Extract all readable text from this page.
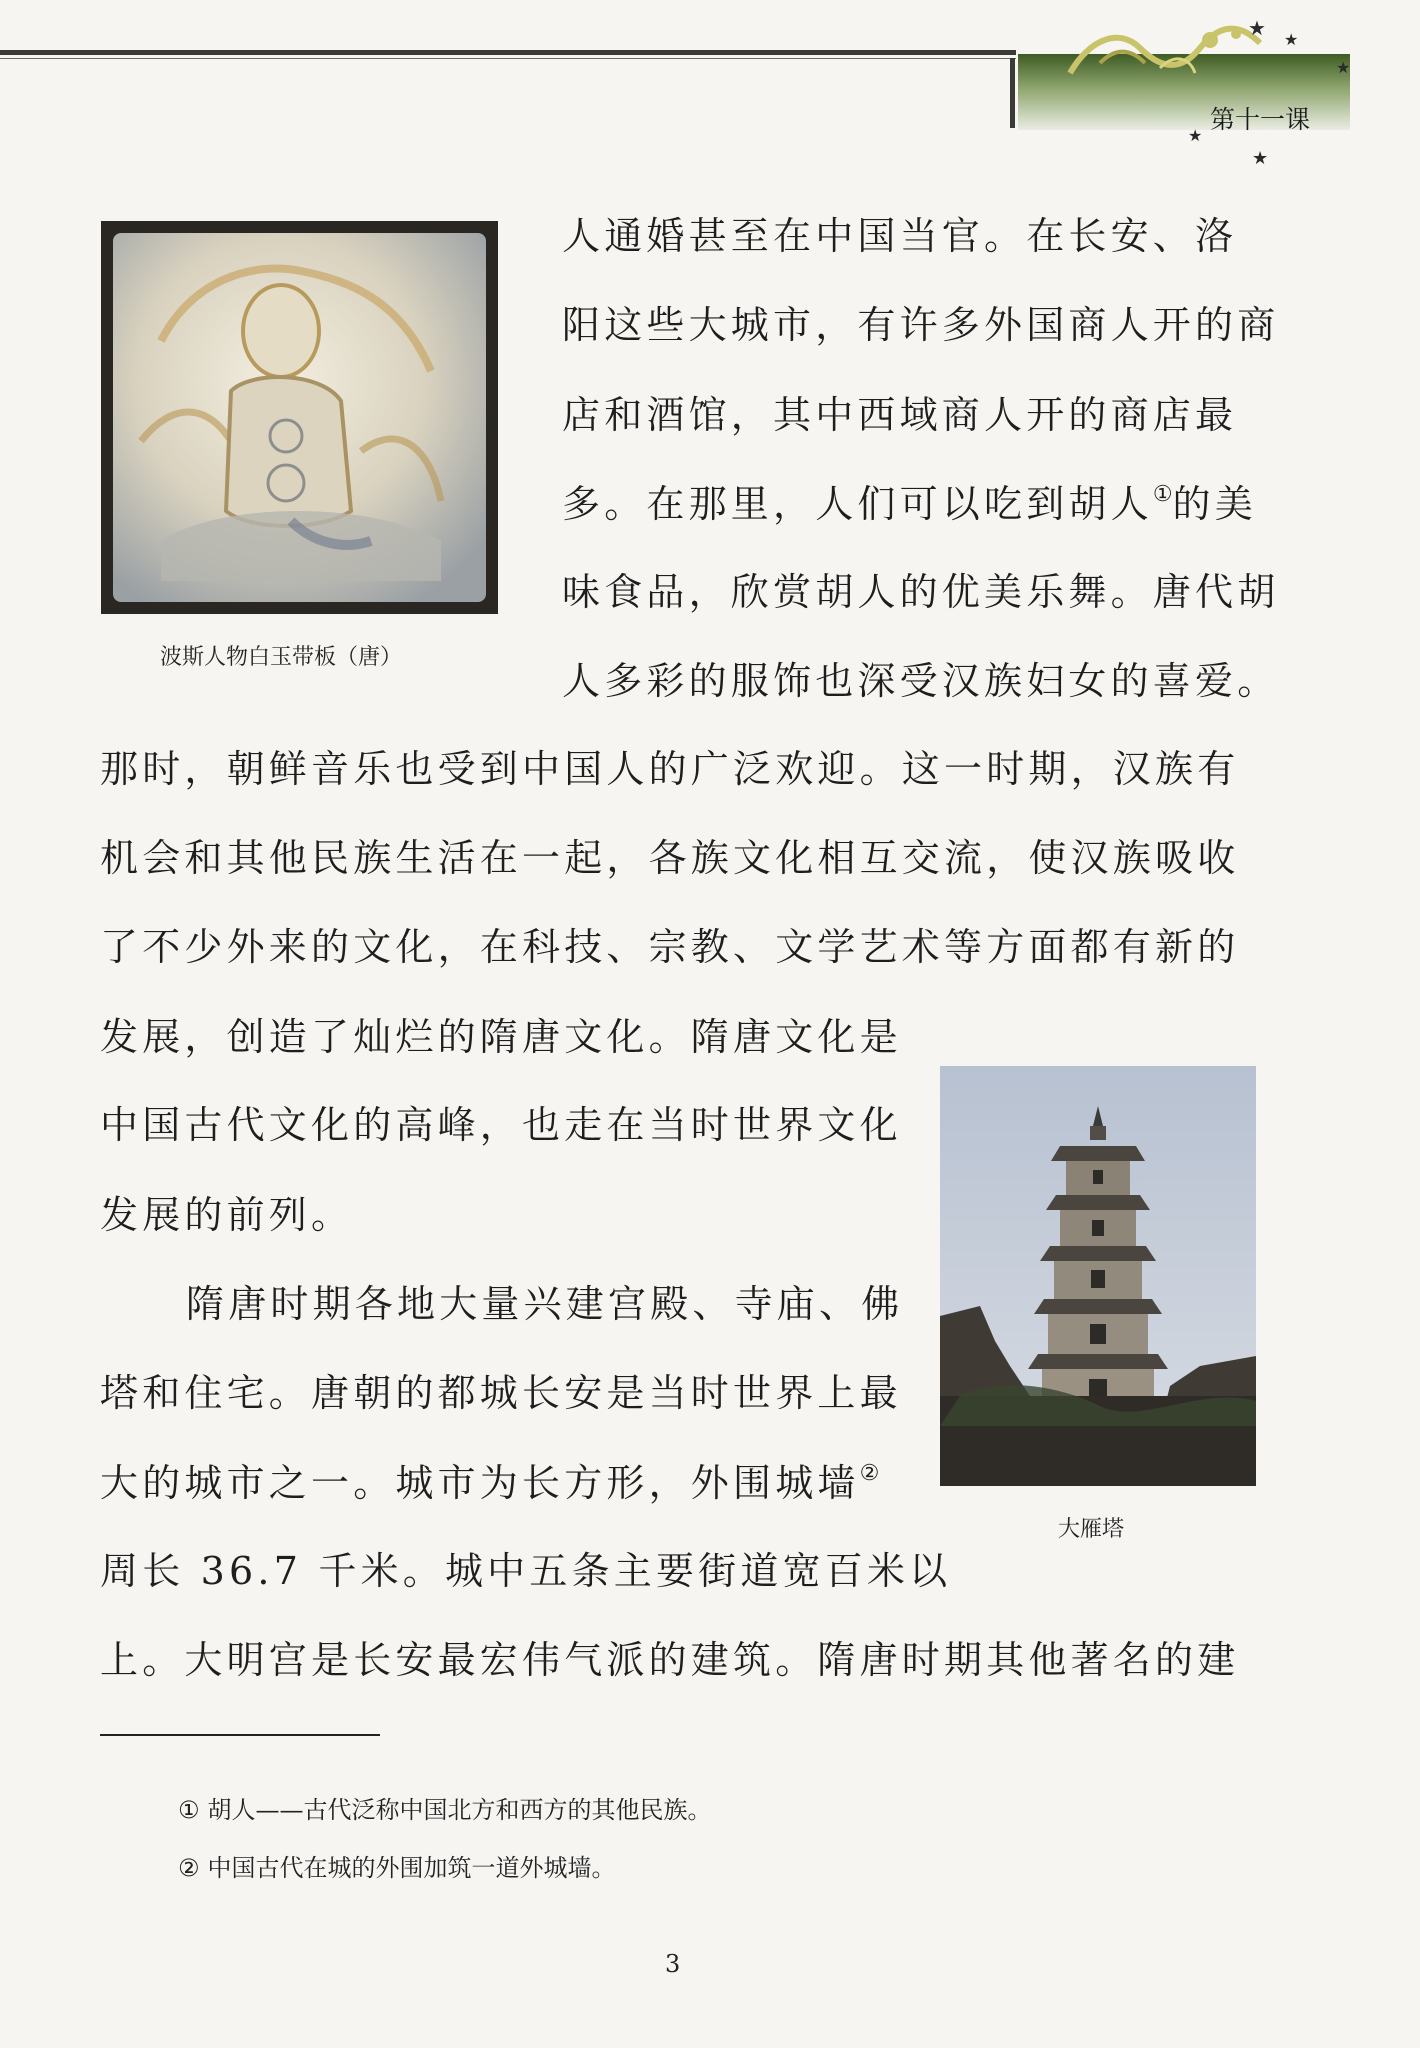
★ ★
★
★
★
第十一课
波斯人物白玉带板（唐）
大雁塔
人通婚甚至在中国当官。在长安、洛
阳这些大城市，有许多外国商人开的商
店和酒馆，其中西域商人开的商店最
多。在那里，人们可以吃到胡人①的美
味食品，欣赏胡人的优美乐舞。唐代胡
人多彩的服饰也深受汉族妇女的喜爱。
那时，朝鲜音乐也受到中国人的广泛欢迎。这一时期，汉族有
机会和其他民族生活在一起，各族文化相互交流，使汉族吸收
了不少外来的文化，在科技、宗教、文学艺术等方面都有新的
发展，创造了灿烂的隋唐文化。隋唐文化是
中国古代文化的高峰，也走在当时世界文化
发展的前列。
隋唐时期各地大量兴建宫殿、寺庙、佛
塔和住宅。唐朝的都城长安是当时世界上最
大的城市之一。城市为长方形，外围城墙②
周长 36.7 千米。城中五条主要街道宽百米以
上。大明宫是长安最宏伟气派的建筑。隋唐时期其他著名的建
① 胡人——古代泛称中国北方和西方的其他民族。
② 中国古代在城的外围加筑一道外城墙。
3
